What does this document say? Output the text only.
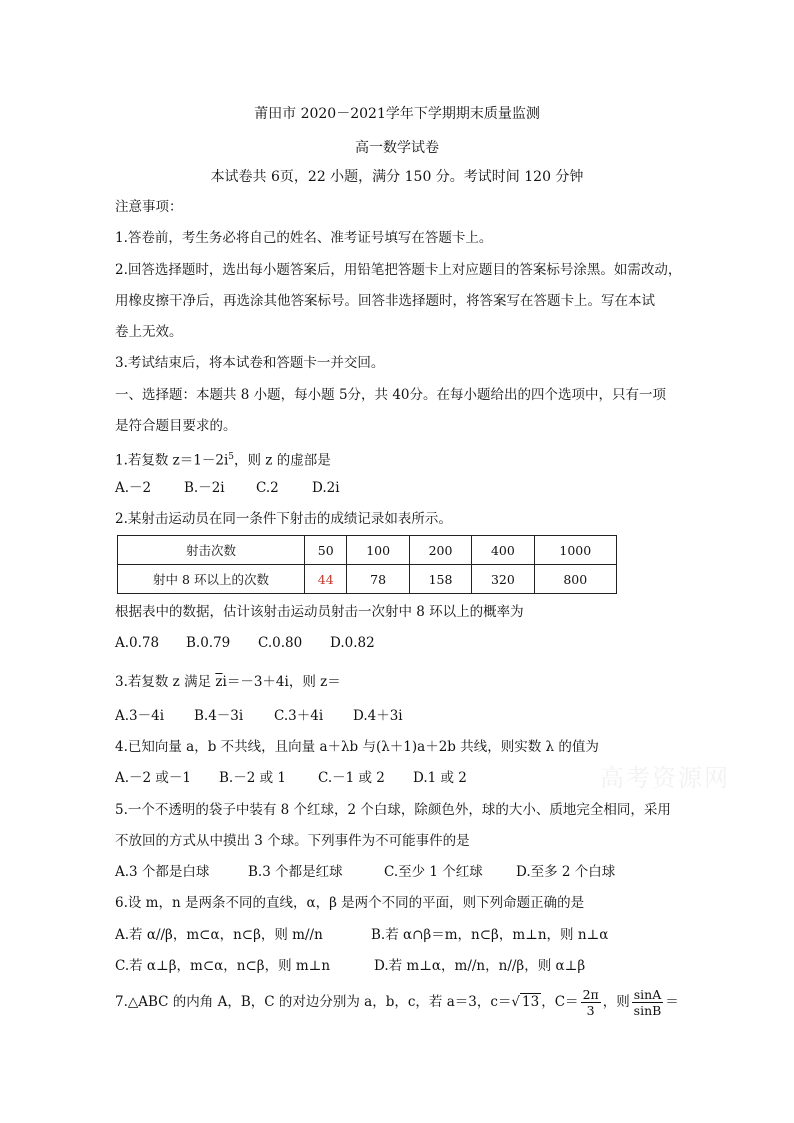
莆田市 2020－2021学年下学期期末质量监测
高一数学试卷
本试卷共 6页，22 小题，满分 150 分。考试时间 120 分钟
注意事项：
1.答卷前，考生务必将自己的姓名、准考证号填写在答题卡上。
2.回答选择题时，选出每小题答案后，用铅笔把答题卡上对应题目的答案标号涂黑。如需改动，
用橡皮擦干净后，再选涂其他答案标号。回答非选择题时，将答案写在答题卡上。写在本试
卷上无效。
3.考试结束后，将本试卷和答题卡一并交回。
一、选择题：本题共 8 小题，每小题 5分，共 40分。在每小题给出的四个选项中，只有一项
是符合题目要求的。
1.若复数 $z=1-2i^5$，则 z 的虚部是
A.－2 B.－2i C.2 D.2i
2.某射击运动员在同一条件下射击的成绩记录如表所示。
射击次数	50	100	200	400	1000
射中 8 环以上的次数	44	78	158	320	800
根据表中的数据，估计该射击运动员射击一次射中 8 环以上的概率为
A.0.78 B.0.79 C.0.80 D.0.82
3.若复数 z 满足 $\overline{z}i=-3+4i$，则 z＝
A.3－4i B.4－3i C.3＋4i D.4＋3i
4.已知向量 a，b 不共线，且向量 a＋λb 与(λ＋1)a＋2b 共线，则实数 λ 的值为
A.－2 或－1 B.－2 或 1 C.－1 或 2 D.1 或 2	高考资源网
5.一个不透明的袋子中装有 8 个红球，2 个白球，除颜色外，球的大小、质地完全相同，采用
不放回的方式从中摸出 3 个球。下列事件为不可能事件的是
A.3 个都是白球	B.3 个都是红球	C.至少 1 个红球 D.至多 2 个白球
6.设 m，n 是两条不同的直线，α，β 是两个不同的平面，则下列命题正确的是
A.若 α//β，m⊂α，n⊂β，则 m//n	B.若 α∩β＝m，n⊂β，m⊥n，则 n⊥α
C.若 α⊥β，m⊂α，n⊂β，则 m⊥n	D.若 m⊥α，m//n，n//β，则 α⊥β
7.△ABC 的内角 A，B，C 的对边分别为 a，b，c，若 a＝3，c＝√ 13 ，$C= \frac{2\pi}{3}$ ，则 $\frac{\sin A}{\sin B}$ ＝
